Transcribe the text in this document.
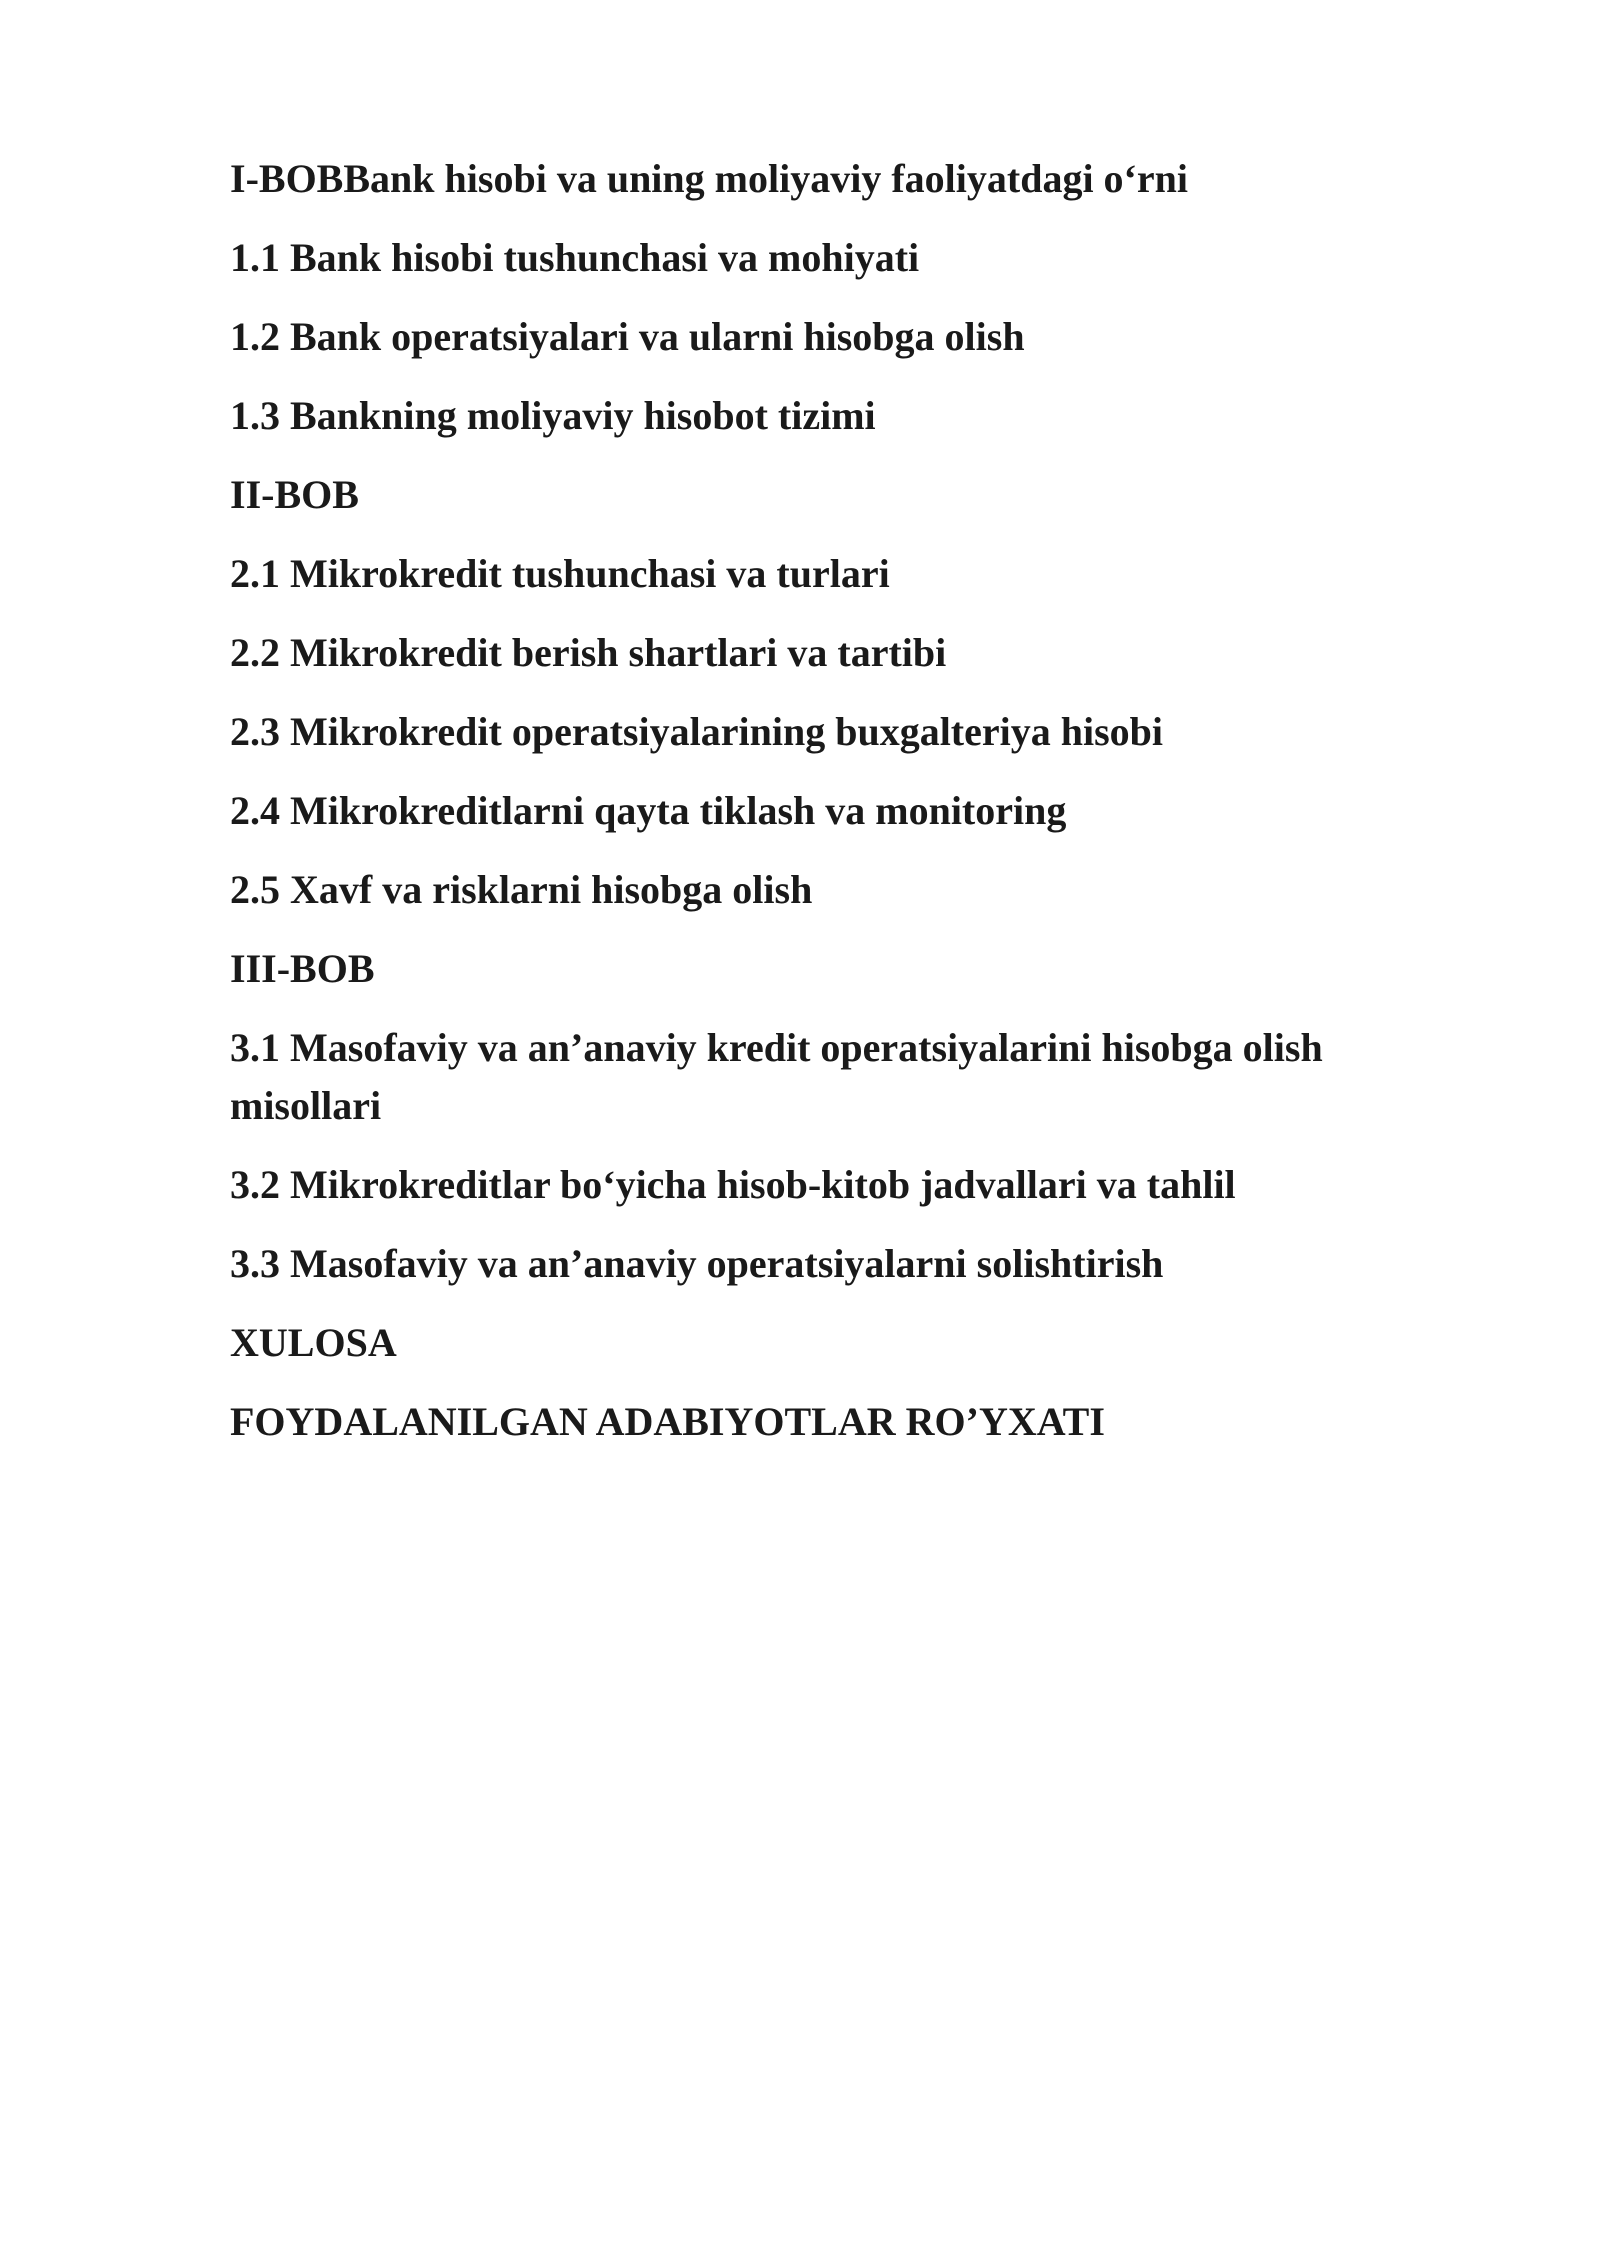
I-BOBBank hisobi va uning moliyaviy faoliyatdagi o‘rni
1.1 Bank hisobi tushunchasi va mohiyati
1.2 Bank operatsiyalari va ularni hisobga olish
1.3 Bankning moliyaviy hisobot tizimi
II-BOB
2.1 Mikrokredit tushunchasi va turlari
2.2 Mikrokredit berish shartlari va tartibi
2.3 Mikrokredit operatsiyalarining buxgalteriya hisobi
2.4 Mikrokreditlarni qayta tiklash va monitoring
2.5 Xavf va risklarni hisobga olish
III-BOB
3.1 Masofaviy va an’anaviy kredit operatsiyalarini hisobga olish misollari
3.2 Mikrokreditlar bo‘yicha hisob-kitob jadvallari va tahlil
3.3 Masofaviy va an’anaviy operatsiyalarni solishtirish
XULOSA
FOYDALANILGAN ADABIYOTLAR RO’YXATI
